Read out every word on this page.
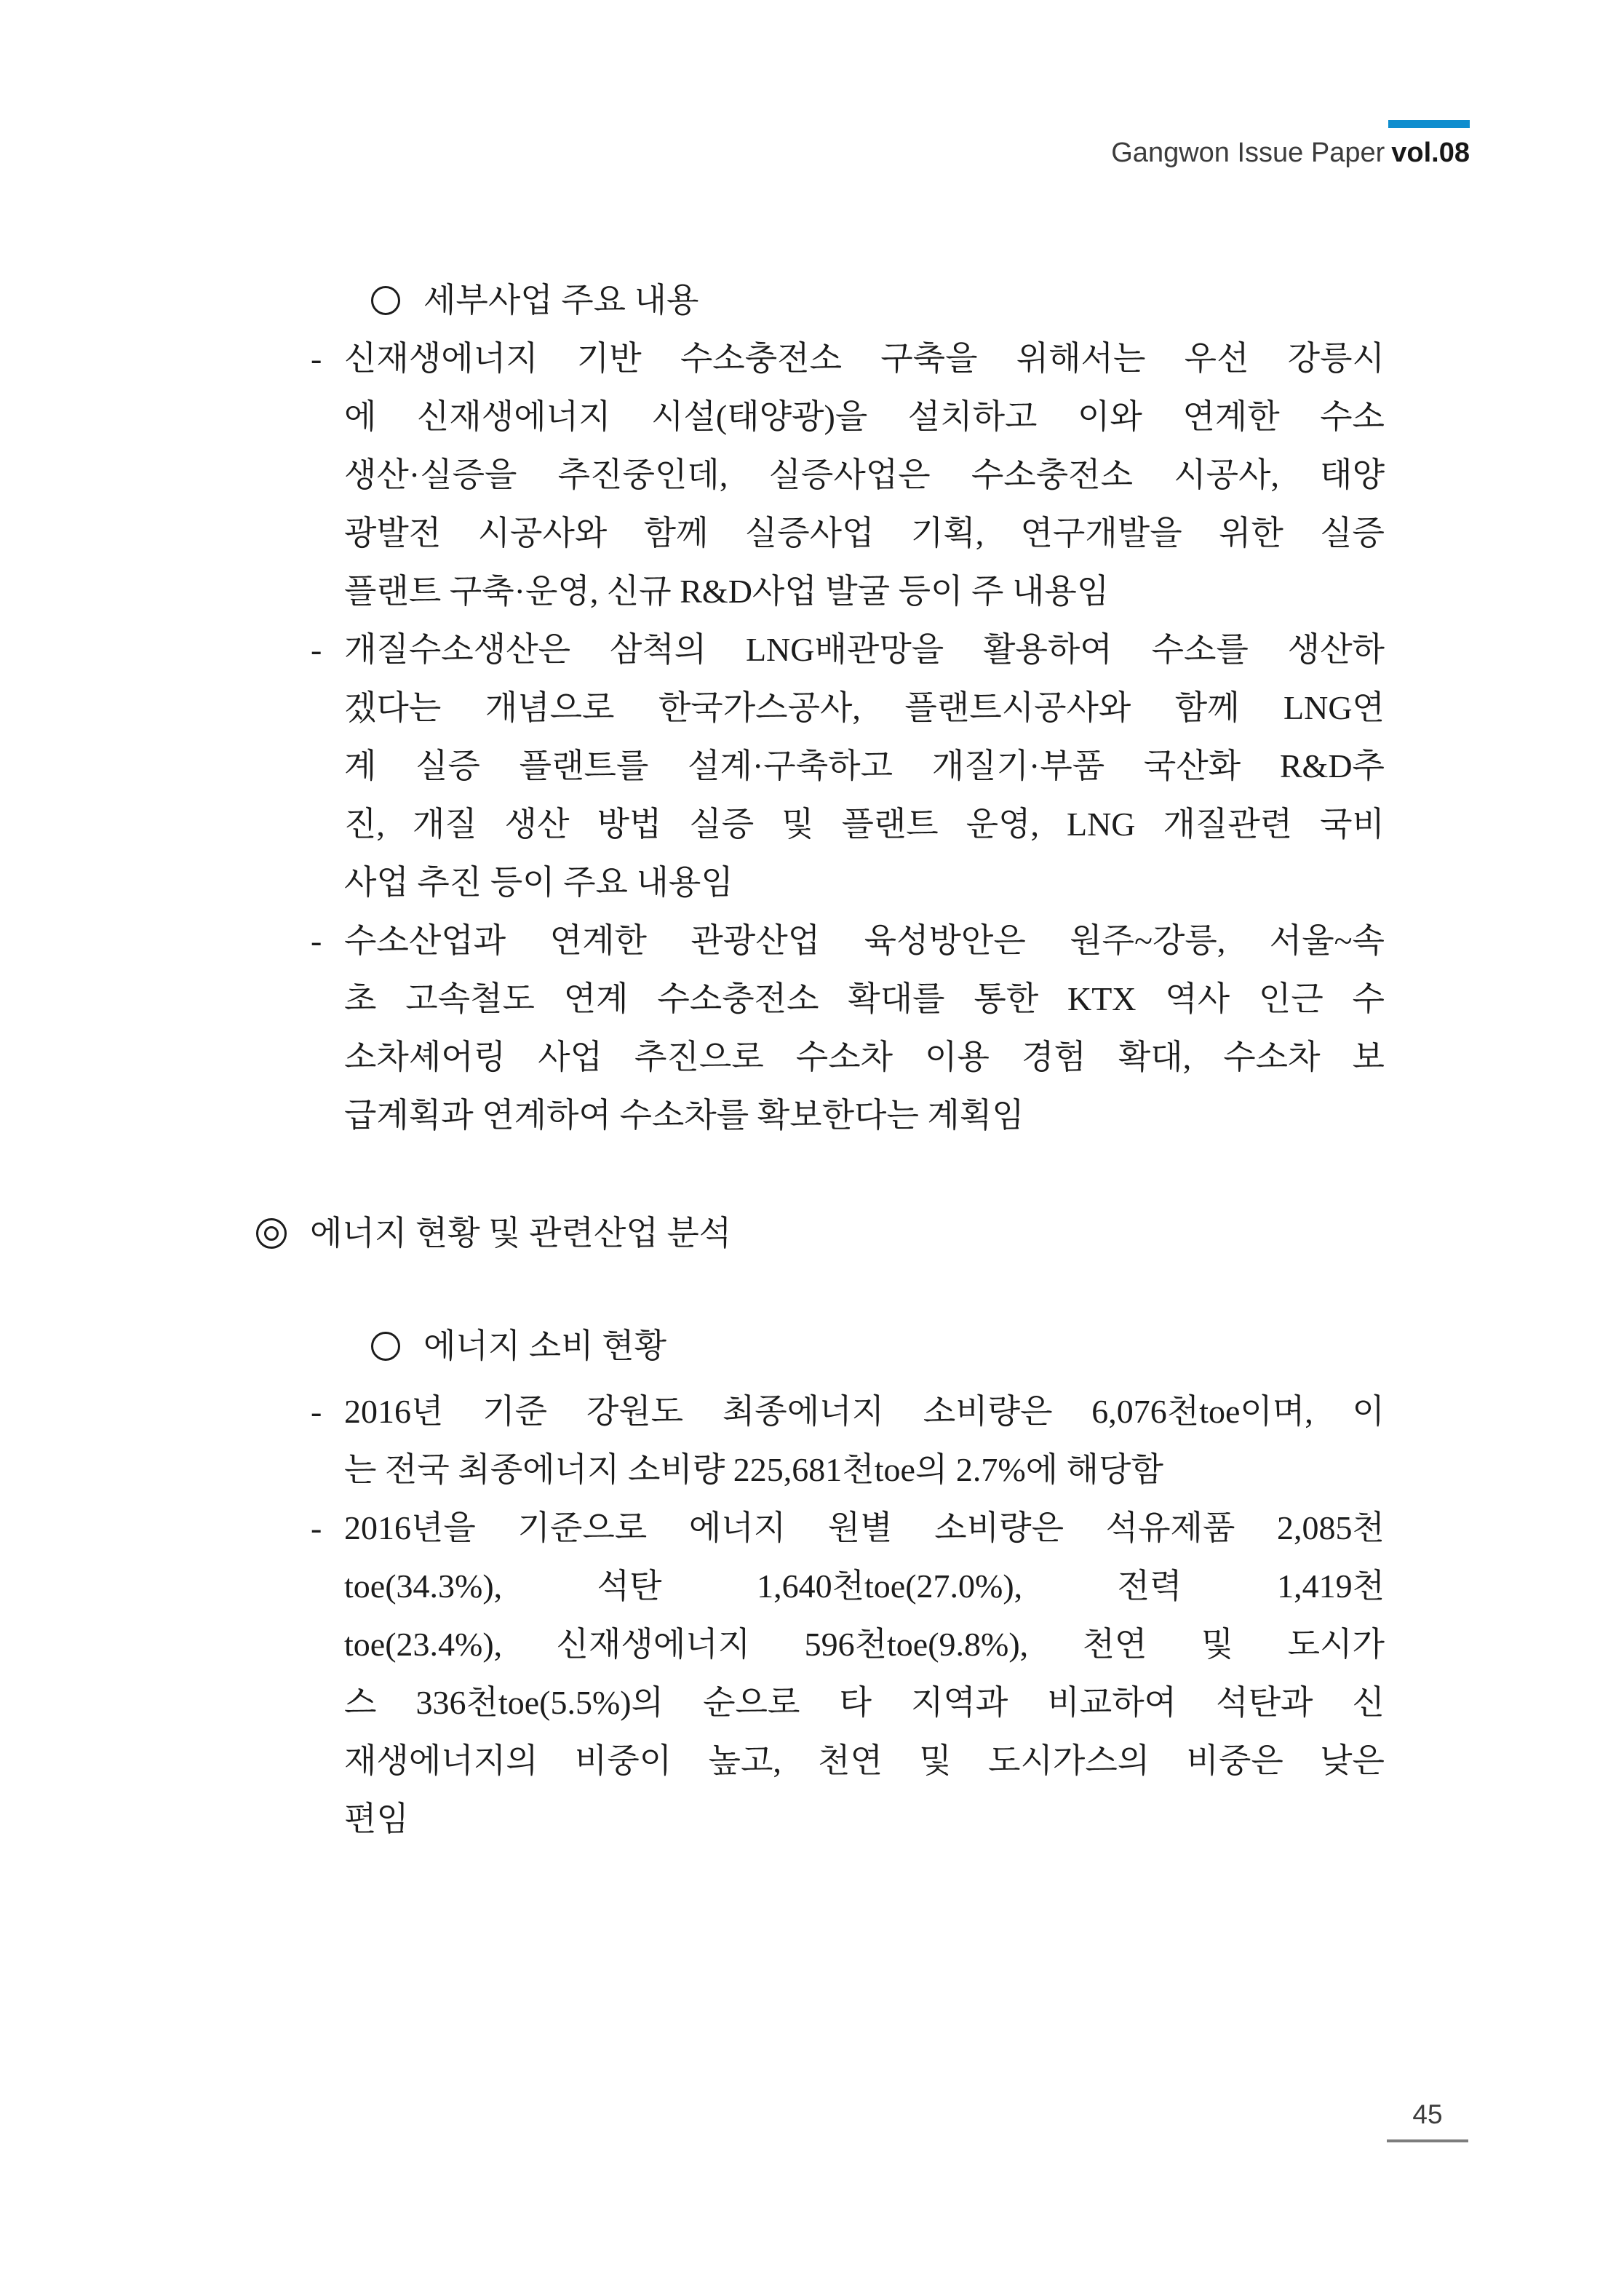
Gangwon Issue Paper vol.08
세부사업 주요 내용
- 신재생에너지 기반 수소충전소 구축을 위해서는 우선 강릉시
에 신재생에너지 시설(태양광)을 설치하고 이와 연계한 수소
생산·실증을 추진중인데, 실증사업은 수소충전소 시공사, 태양
광발전 시공사와 함께 실증사업 기획, 연구개발을 위한 실증
플랜트 구축·운영, 신규 R&D사업 발굴 등이 주 내용임
- 개질수소생산은 삼척의 LNG배관망을 활용하여 수소를 생산하
겠다는 개념으로 한국가스공사, 플랜트시공사와 함께 LNG연
계 실증 플랜트를 설계·구축하고 개질기·부품 국산화 R&D추
진, 개질 생산 방법 실증 및 플랜트 운영, LNG 개질관련 국비
사업 추진 등이 주요 내용임
- 수소산업과 연계한 관광산업 육성방안은 원주~강릉, 서울~속
초 고속철도 연계 수소충전소 확대를 통한 KTX 역사 인근 수
소차셰어링 사업 추진으로 수소차 이용 경험 확대, 수소차 보
급계획과 연계하여 수소차를 확보한다는 계획임
에너지 현황 및 관련산업 분석
에너지 소비 현황
- 2016년 기준 강원도 최종에너지 소비량은 6,076천toe이며, 이
는 전국 최종에너지 소비량 225,681천toe의 2.7%에 해당함
- 2016년을 기준으로 에너지 원별 소비량은 석유제품 2,085천
toe(34.3%), 석탄 1,640천toe(27.0%), 전력 1,419천
toe(23.4%), 신재생에너지 596천toe(9.8%), 천연 및 도시가
스 336천toe(5.5%)의 순으로 타 지역과 비교하여 석탄과 신
재생에너지의 비중이 높고, 천연 및 도시가스의 비중은 낮은
편임
45
